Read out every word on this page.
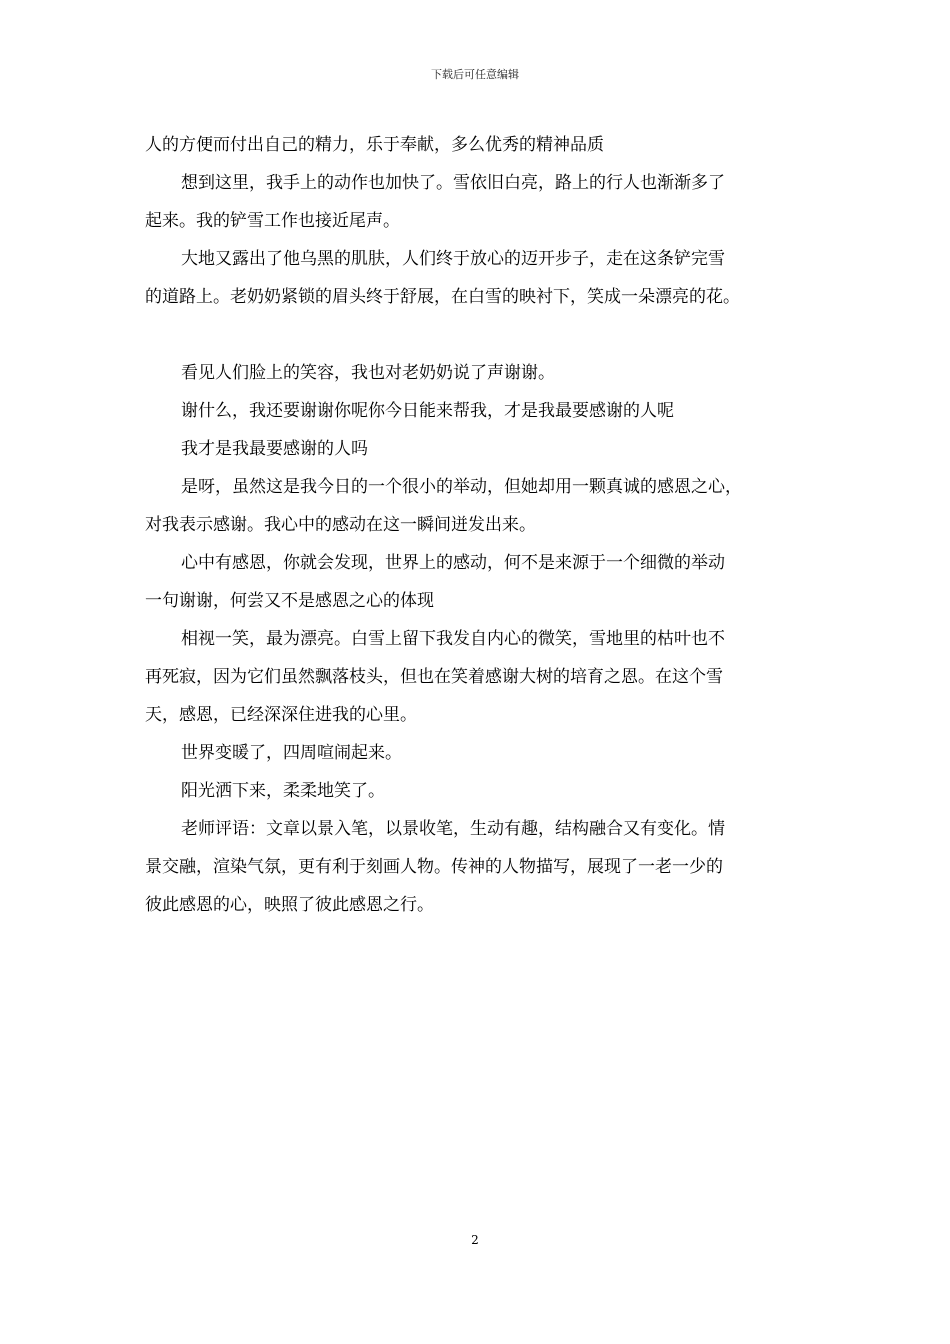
下载后可任意编辑
人的方便而付出自己的精力，乐于奉献，多么优秀的精神品质
想到这里，我手上的动作也加快了。雪依旧白亮，路上的行人也渐渐多了
起来。我的铲雪工作也接近尾声。
大地又露出了他乌黑的肌肤，人们终于放心的迈开步子，走在这条铲完雪
的道路上。老奶奶紧锁的眉头终于舒展，在白雪的映衬下，笑成一朵漂亮的花。
看见人们脸上的笑容，我也对老奶奶说了声谢谢。
谢什么，我还要谢谢你呢你今日能来帮我，才是我最要感谢的人呢
我才是我最要感谢的人吗
是呀，虽然这是我今日的一个很小的举动，但她却用一颗真诚的感恩之心，
对我表示感谢。我心中的感动在这一瞬间迸发出来。
心中有感恩，你就会发现，世界上的感动，何不是来源于一个细微的举动
一句谢谢，何尝又不是感恩之心的体现
相视一笑，最为漂亮。白雪上留下我发自内心的微笑，雪地里的枯叶也不
再死寂，因为它们虽然飘落枝头，但也在笑着感谢大树的培育之恩。在这个雪
天，感恩，已经深深住进我的心里。
世界变暖了，四周喧闹起来。
阳光洒下来，柔柔地笑了。
老师评语：文章以景入笔，以景收笔，生动有趣，结构融合又有变化。情
景交融，渲染气氛，更有利于刻画人物。传神的人物描写，展现了一老一少的
彼此感恩的心，映照了彼此感恩之行。
2
